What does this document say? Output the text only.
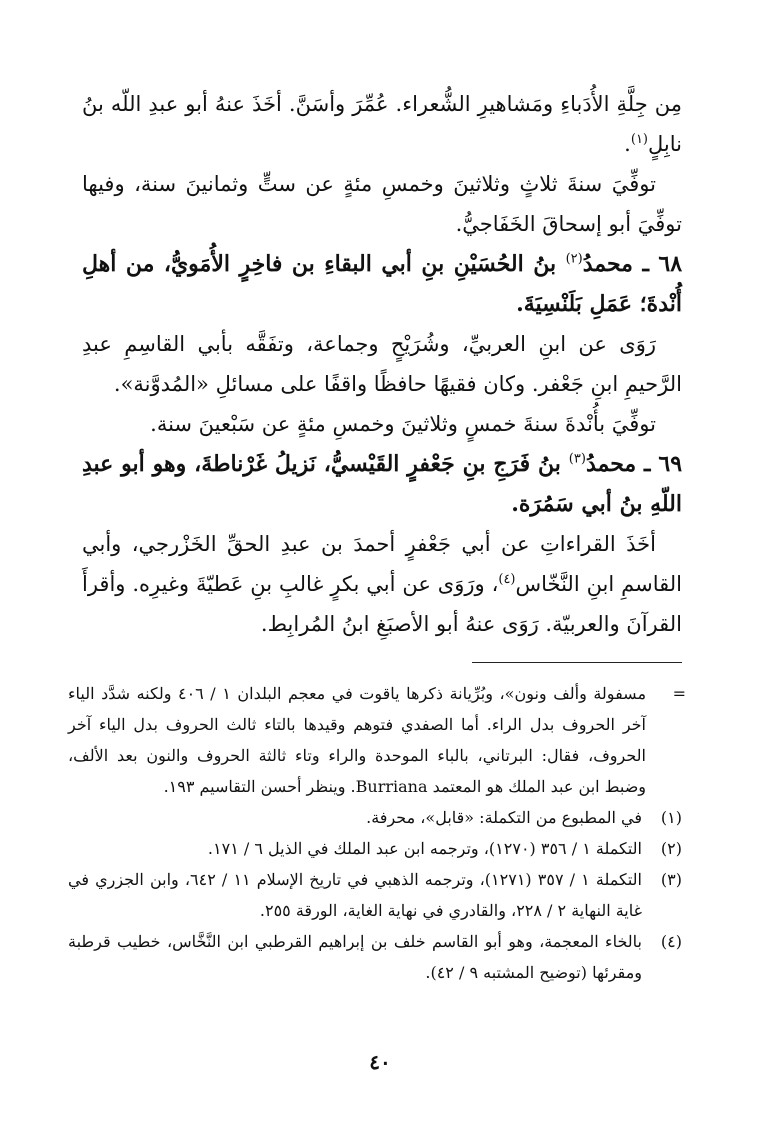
مِن جِلَّةِ الأُدَباءِ ومَشاهيرِ الشُّعراء. عُمِّرَ وأسَنَّ. أخَذَ عنهُ أبو عبدِ اللّه بنُ نابِلٍ$^{(١)}$.

توفِّيَ سنةَ ثلاثٍ وثلاثينَ وخمسِ مئةٍ عن ستٍّ وثمانينَ سنة، وفيها توفِّيَ أبو إسحاقَ الخَفَاجيُّ.

٦٨ ـ محمدُ$^{(٢)}$ بنُ الحُسَيْنِ بنِ أبي البقاءِ بن فاخِرٍ الأُمَويُّ، من أهلِ أُنْدةَ؛ عَمَلِ بَلَنْسِيَةَ.

رَوَى عن ابنِ العربيِّ، وشُرَيْحٍ وجماعة، وتفَقَّه بأبي القاسِمِ عبدِ الرَّحيمِ ابنِ جَعْفر. وكان فقيهًا حافظًا واقفًا على مسائلِ «المُدوَّنة».

توفِّيَ بأُنْدةَ سنةَ خمسٍ وثلاثينَ وخمسِ مئةٍ عن سَبْعينَ سنة.

٦٩ ـ محمدُ$^{(٣)}$ بنُ فَرَجِ بنِ جَعْفرٍ القَيْسيُّ، نَزيلُ غَرْناطةَ، وهو أبو عبدِ اللّهِ بنُ أبي سَمُرَة.

أخَذَ القراءاتِ عن أبي جَعْفرٍ أحمدَ بن عبدِ الحقِّ الخَزْرجي، وأبي القاسمِ ابنِ النَّخّاس$^{(٤)}$، ورَوَى عن أبي بكرٍ غالبِ بنِ عَطيّةَ وغيرِه. وأقرأَ القرآنَ والعربيّة. رَوَى عنهُ أبو الأصبَغِ ابنُ المُرابِط.

=
مسفولة وألف ونون»، وبُرِّيانة ذكرها ياقوت في معجم البلدان ١ / ٤٠٦ ولكنه شدَّد الياء آخر الحروف بدل الراء. أما الصفدي فتوهم وقيدها بالتاء ثالث الحروف بدل الياء آخر الحروف، فقال: البرتاني، بالباء الموحدة والراء وتاء ثالثة الحروف والنون بعد الألف، وضبط ابن عبد الملك هو المعتمد Burriana. وينظر أحسن التقاسيم ١٩٣.
(١)
في المطبوع من التكملة: «قابل»، محرفة.
(٢)
التكملة ١ / ٣٥٦ (١٢٧٠)، وترجمه ابن عبد الملك في الذيل ٦ / ١٧١.
(٣)
التكملة ١ / ٣٥٧ (١٢٧١)، وترجمه الذهبي في تاريخ الإسلام ١١ / ٦٤٢، وابن الجزري في غاية النهاية ٢ / ٢٢٨، والقادري في نهاية الغاية، الورقة ٢٥٥.
(٤)
بالخاء المعجمة، وهو أبو القاسم خلف بن إبراهيم القرطبي ابن النَّخَّاس، خطيب قرطبة ومقرئها (توضيح المشتبه ٩ / ٤٢).
٤٠
